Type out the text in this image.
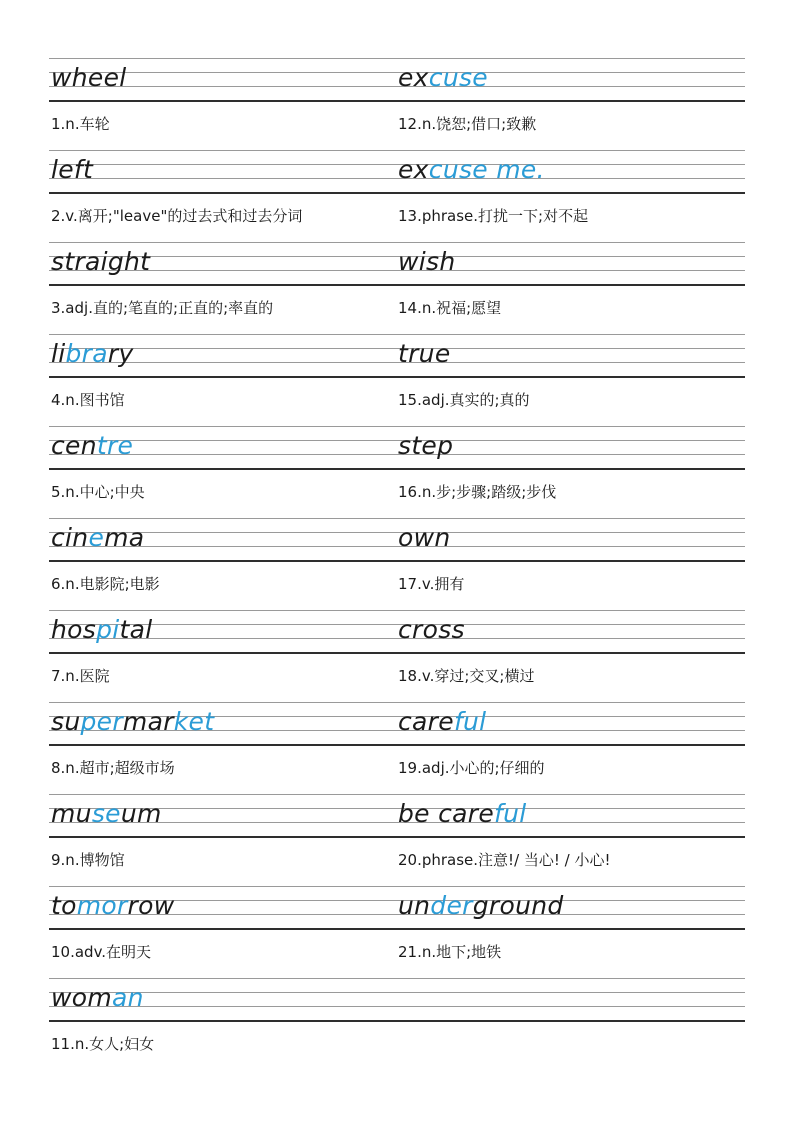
wheel
1.n.车轮
excuse
12.n.饶恕;借口;致歉
left
2.v.离开;"leave"的过去式和过去分词
excuse me.
13.phrase.打扰一下;对不起
straight
3.adj.直的;笔直的;正直的;率直的
wish
14.n.祝福;愿望
library
4.n.图书馆
true
15.adj.真实的;真的
centre
5.n.中心;中央
step
16.n.步;步骤;踏级;步伐
cinema
6.n.电影院;电影
own
17.v.拥有
hospital
7.n.医院
cross
18.v.穿过;交叉;横过
supermarket
8.n.超市;超级市场
careful
19.adj.小心的;仔细的
museum
9.n.博物馆
be careful
20.phrase.注意!/ 当心! / 小心!
tomorrow
10.adv.在明天
underground
21.n.地下;地铁
woman
11.n.女人;妇女
